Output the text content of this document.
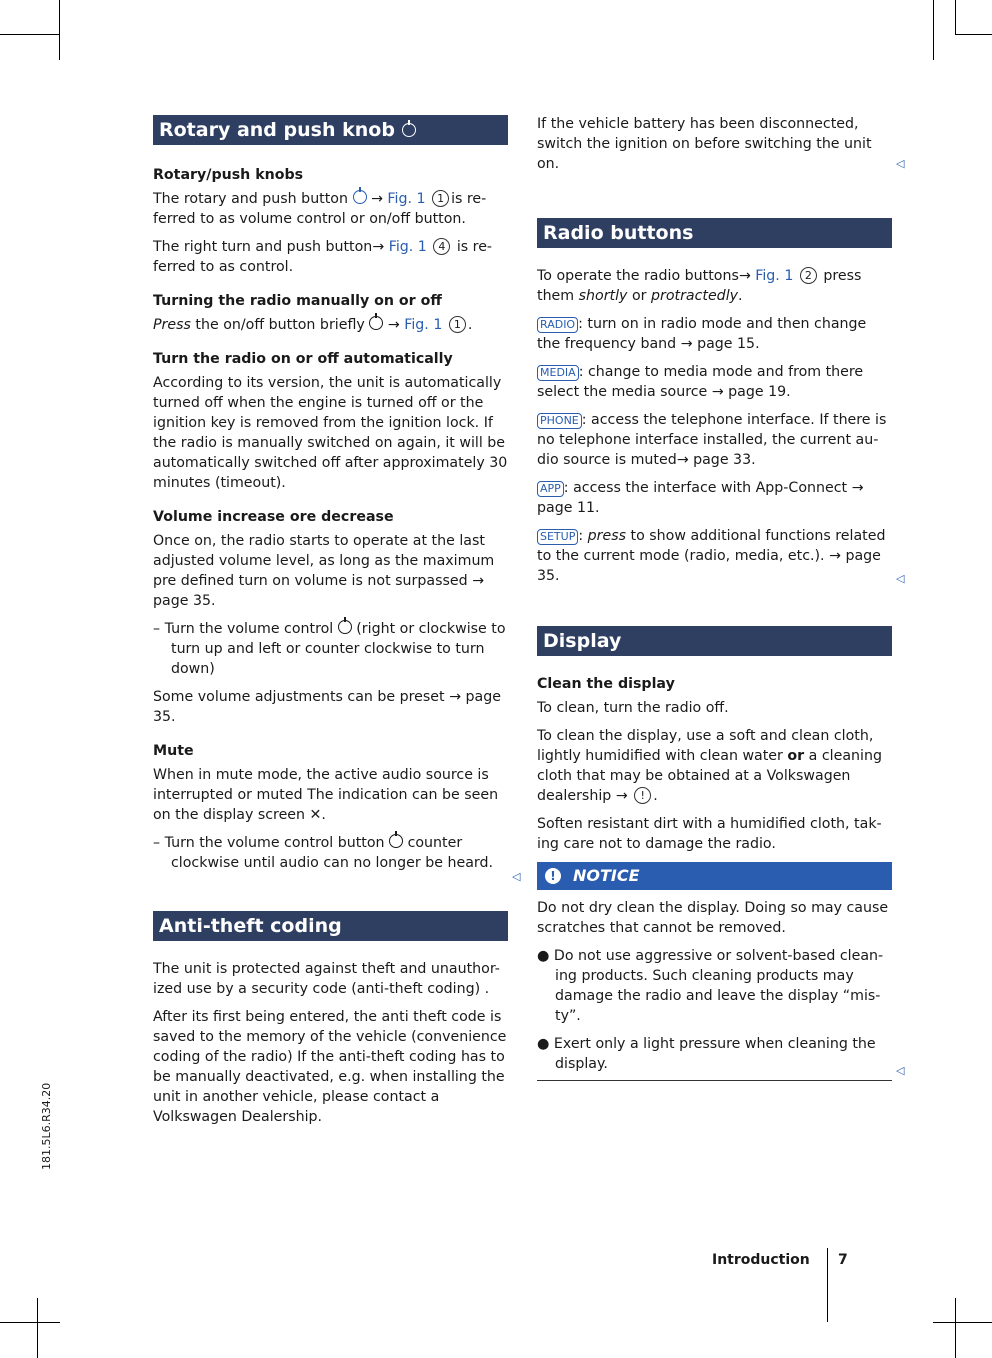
Rotary and push knob
Rotary/push knobs

The rotary and push button → Fig. 1 1 is re-ferred to as volume control or on/off button.

The right turn and push button→ Fig. 1 4 is re-ferred to as control.

Turning the radio manually on or off

Press the on/off button briefly  → Fig. 1 1 .

Turn the radio on or off automatically

According to its version, the unit is automatically turned off when the engine is turned off or the ignition key is removed from the ignition lock. If the radio is manually switched on again, it will be automatically switched off after approximately 30 minutes (timeout).

Volume increase ore decrease

Once on, the radio starts to operate at the last adjusted volume level, as long as the maximum pre defined turn on volume is not surpassed → page 35.

– Turn the volume control (right or clockwise to turn up and left or counter clockwise to turn down)

Some volume adjustments can be preset → page 35.

Mute

When in mute mode, the active audio source is interrupted or muted The indication can be seen on the display screen ✕.

– Turn the volume control button counter clockwise until audio can no longer be heard.

Anti-theft coding

The unit is protected against theft and unauthor-ized use by a security code (anti-theft coding) .

After its first being entered, the anti theft code is saved to the memory of the vehicle (convenience coding of the radio) If the anti-theft coding has to be manually deactivated, e.g. when installing the unit in another vehicle, please contact a Volkswagen Dealership.

◁

If the vehicle battery has been disconnected, switch the ignition on before switching the unit on.

Radio buttons

To operate the radio buttons→ Fig. 1 2 press them shortly or protractedly.

RADIO : turn on in radio mode and then change the frequency band → page 15.

MEDIA : change to media mode and from there select the media source → page 19.

PHONE : access the telephone interface. If there is no telephone interface installed, the current au-dio source is muted→ page 33.

APP : access the interface with App-Connect → page 11.

SETUP : press to show additional functions related to the current mode (radio, media, etc.). → page 35.

Display
Clean the display

To clean, turn the radio off.

To clean the display, use a soft and clean cloth, lightly humidified with clean water or a cleaning cloth that may be obtained at a Volkswagen dealership → ! .

Soften resistant dirt with a humidified cloth, tak-ing care not to damage the radio.

! NOTICE

Do not dry clean the display. Doing so may cause scratches that cannot be removed.

● Do not use aggressive or solvent-based clean-ing products. Such cleaning products may damage the radio and leave the display “mis-ty”.

● Exert only a light pressure when cleaning the display.

◁
◁
◁
Introduction 7
181.5L6.R34.20
